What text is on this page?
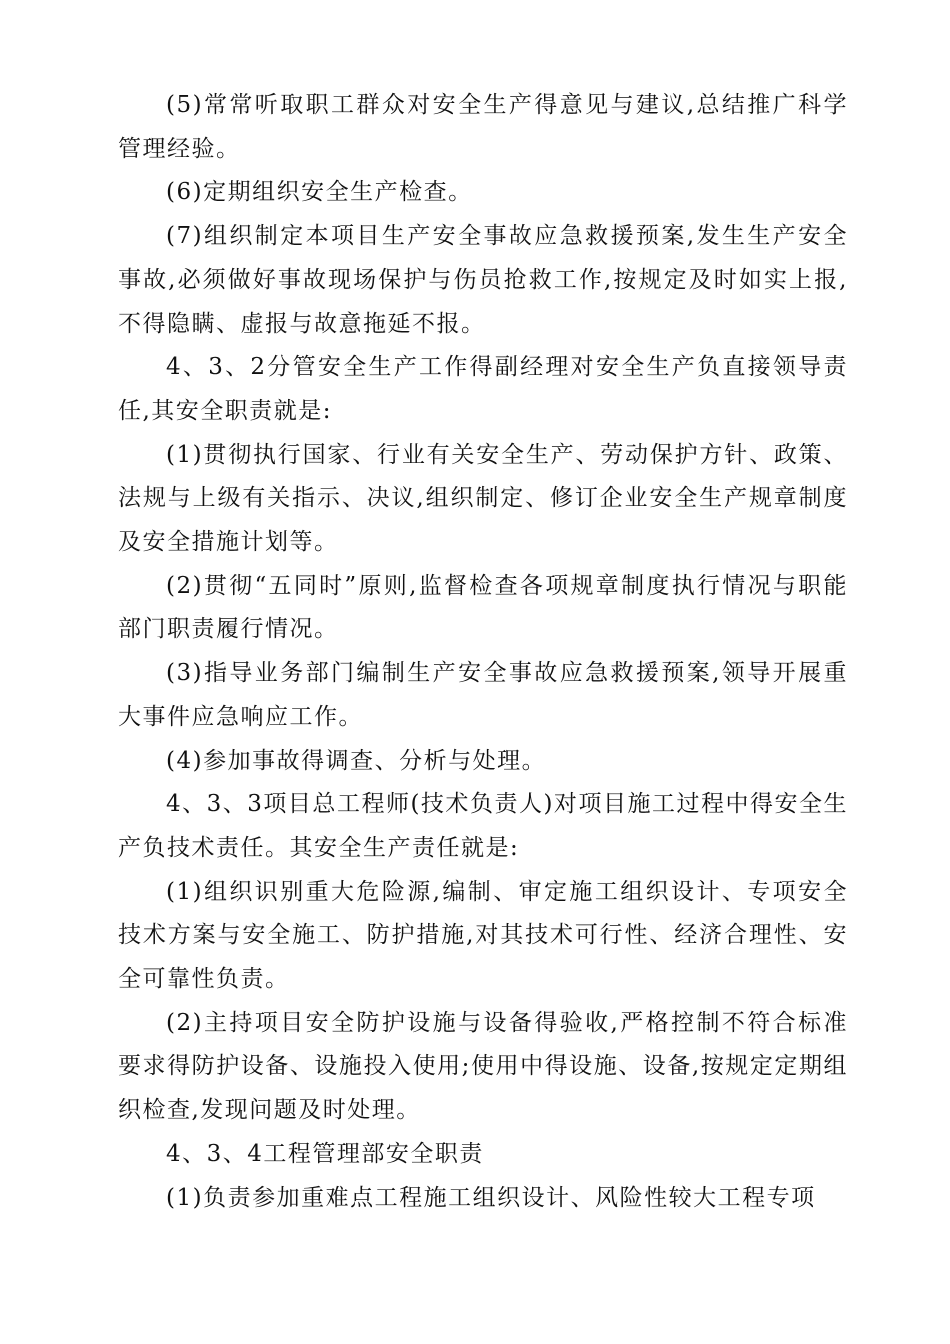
(5)常常听取职工群众对安全生产得意见与建议,总结推广科学管理经验。

(6)定期组织安全生产检查。

(7)组织制定本项目生产安全事故应急救援预案,发生生产安全事故,必须做好事故现场保护与伤员抢救工作,按规定及时如实上报,不得隐瞒、虚报与故意拖延不报。

4、3、2分管安全生产工作得副经理对安全生产负直接领导责任,其安全职责就是:

(1)贯彻执行国家、行业有关安全生产、劳动保护方针、政策、法规与上级有关指示、决议,组织制定、修订企业安全生产规章制度及安全措施计划等。

(2)贯彻“五同时”原则,监督检查各项规章制度执行情况与职能部门职责履行情况。

(3)指导业务部门编制生产安全事故应急救援预案,领导开展重大事件应急响应工作。

(4)参加事故得调查、分析与处理。

4、3、3项目总工程师(技术负责人)对项目施工过程中得安全生产负技术责任。其安全生产责任就是:

(1)组织识别重大危险源,编制、审定施工组织设计、专项安全技术方案与安全施工、防护措施,对其技术可行性、经济合理性、安全可靠性负责。

(2)主持项目安全防护设施与设备得验收,严格控制不符合标准要求得防护设备、设施投入使用;使用中得设施、设备,按规定定期组织检查,发现问题及时处理。

4、3、4工程管理部安全职责

(1)负责参加重难点工程施工组织设计、风险性较大工程专项
